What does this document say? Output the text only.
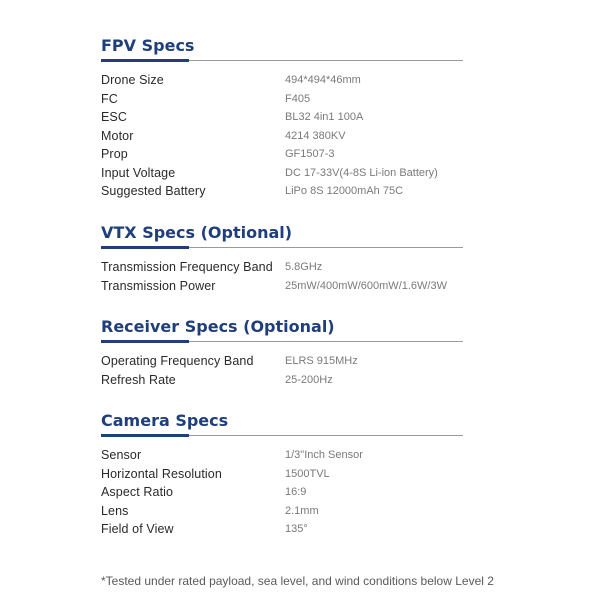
FPV Specs
Drone Size	494*494*46mm
FC	F405
ESC	BL32 4in1 100A
Motor	4214 380KV
Prop	GF1507-3
Input Voltage	DC 17-33V(4-8S Li-ion Battery)
Suggested Battery	LiPo 8S 12000mAh 75C
VTX Specs (Optional)
Transmission Frequency Band 5.8GHz
Transmission Power	25mW/400mW/600mW/1.6W/3W
Receiver Specs (Optional)
Operating Frequency Band	ELRS 915MHz
Refresh Rate	25-200Hz
Camera Specs
Sensor	1/3"Inch Sensor
Horizontal Resolution	1500TVL
Aspect Ratio	16:9
Lens	2.1mm
Field of View	135°
*Tested under rated payload, sea level, and wind conditions below Level 2
